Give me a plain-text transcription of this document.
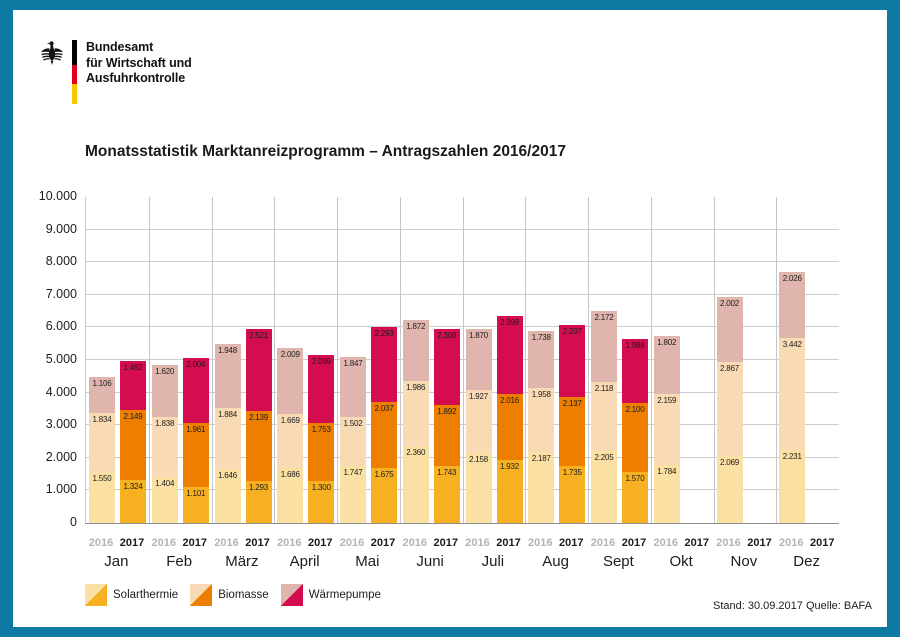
Bundesamt
für Wirtschaft und
Ausfuhrkontrolle
Monatsstatistik Marktanreizprogramm – Antragszahlen 2016/2017
0
1.000
2.000
3.000
4.000
5.000
6.000
7.000
8.000
9.000
10.000
1.550
1.834
1.106
1.324
2.149
1.482
1.404
1.838
1.620
1.101
1.961
2.004
1.646
1.884
1.948
1.293
2.139
2.521
1.686
1.669
2.009
1.300
1.753
2.099
1.747
1.502
1.847
1.675
2.037
2.293
2.360
1.986
1.872
1.743
1.892
2.308
2.158
1.927
1.870
1.932
2.016
2.398
2.187
1.958
1.738
1.735
2.137
2.207
2.205
2.118
2.172
1.570
2.100
1.988
1.784
2.159
1.802
2.069
2.867
2.002
2.231
3.442
2.026
2016 2017
Jan
2016 2017
Feb
2016 2017
März
2016 2017
April
2016 2017
Mai
2016 2017
Juni
2016 2017
Juli
2016 2017
Aug
2016 2017
Sept
2016 2017
Okt
2016 2017
Nov
2016 2017
Dez
Solarthermie	Biomasse	Wärmepumpe
Stand: 30.09.2017 Quelle: BAFA
